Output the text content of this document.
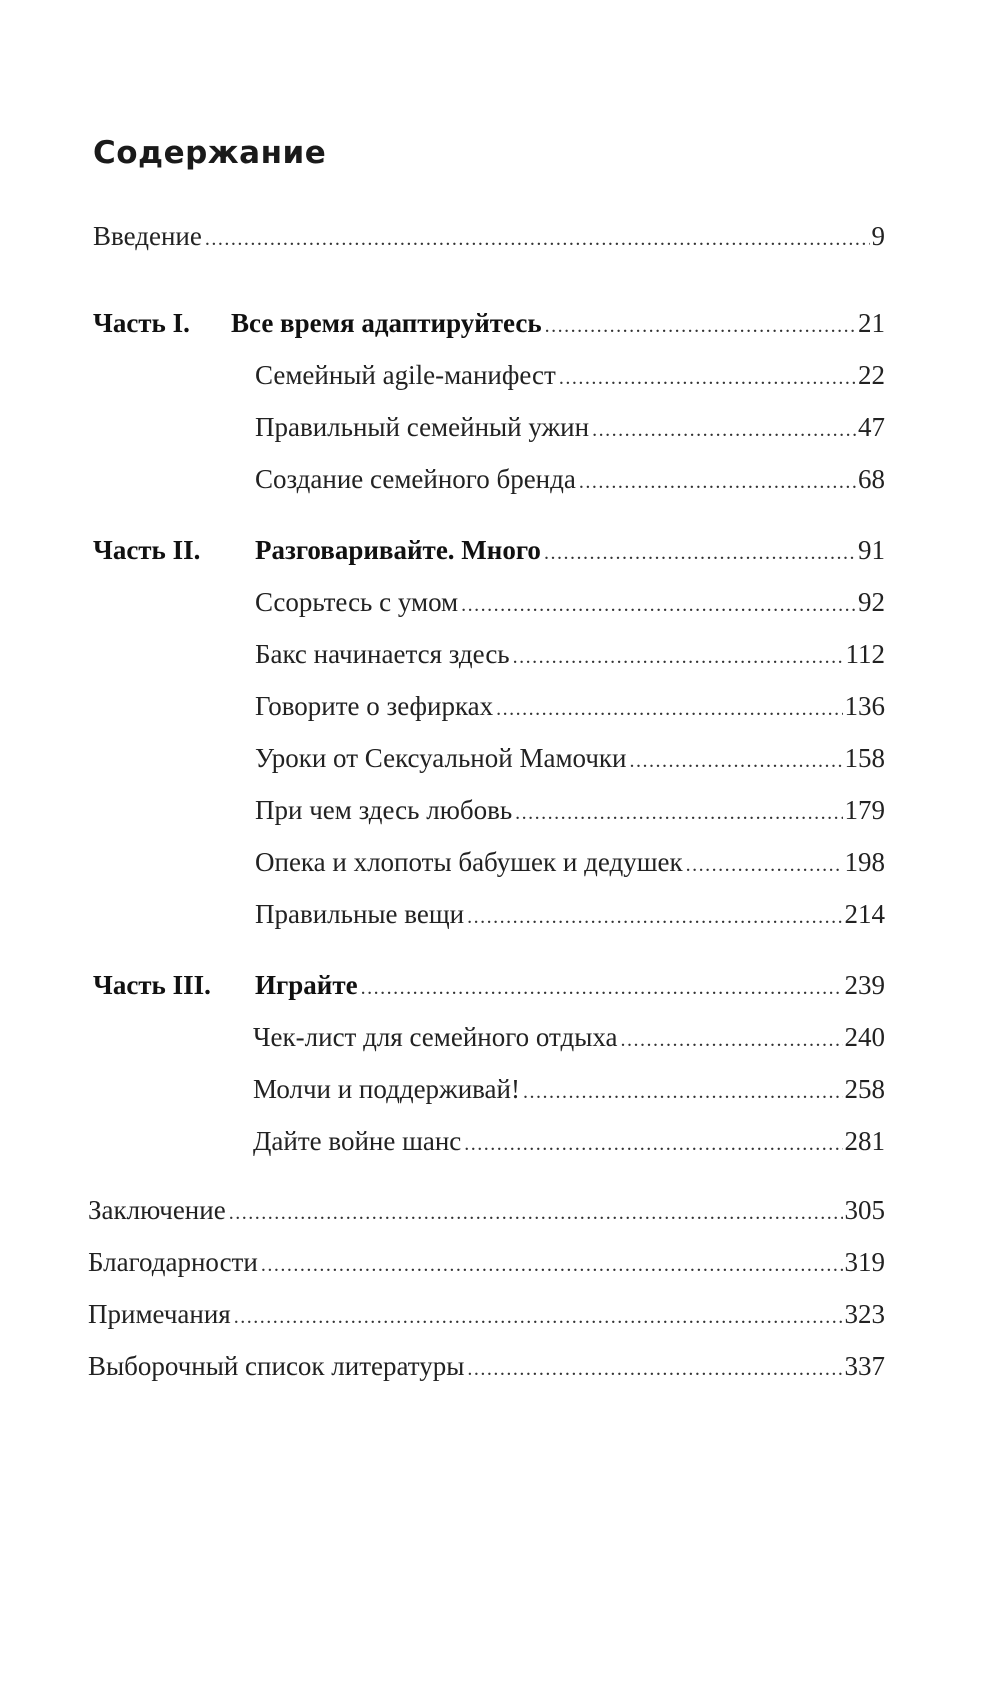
Содержание
Введение .....	9
Часть I.	Все время адаптируйтесь .....	21
Семейный agile-манифест .....	22
Правильный семейный ужин .....	47
Создание семейного бренда .....	68
Часть II.	Разговаривайте. Много .....	91
Ссорьтесь с умом .....	92
Бакс начинается здесь .....	112
Говорите о зефирках .....	136
Уроки от Сексуальной Мамочки .....	158
При чем здесь любовь .....	179
Опека и хлопоты бабушек и дедушек .....	198
Правильные вещи .....	214
Часть III.	Играйте .....	239
Чек-лист для семейного отдыха .....	240
Молчи и поддерживай! .....	258
Дайте войне шанс .....	281
Заключение .....	305
Благодарности .....	319
Примечания .....	323
Выборочный список литературы .....	337
